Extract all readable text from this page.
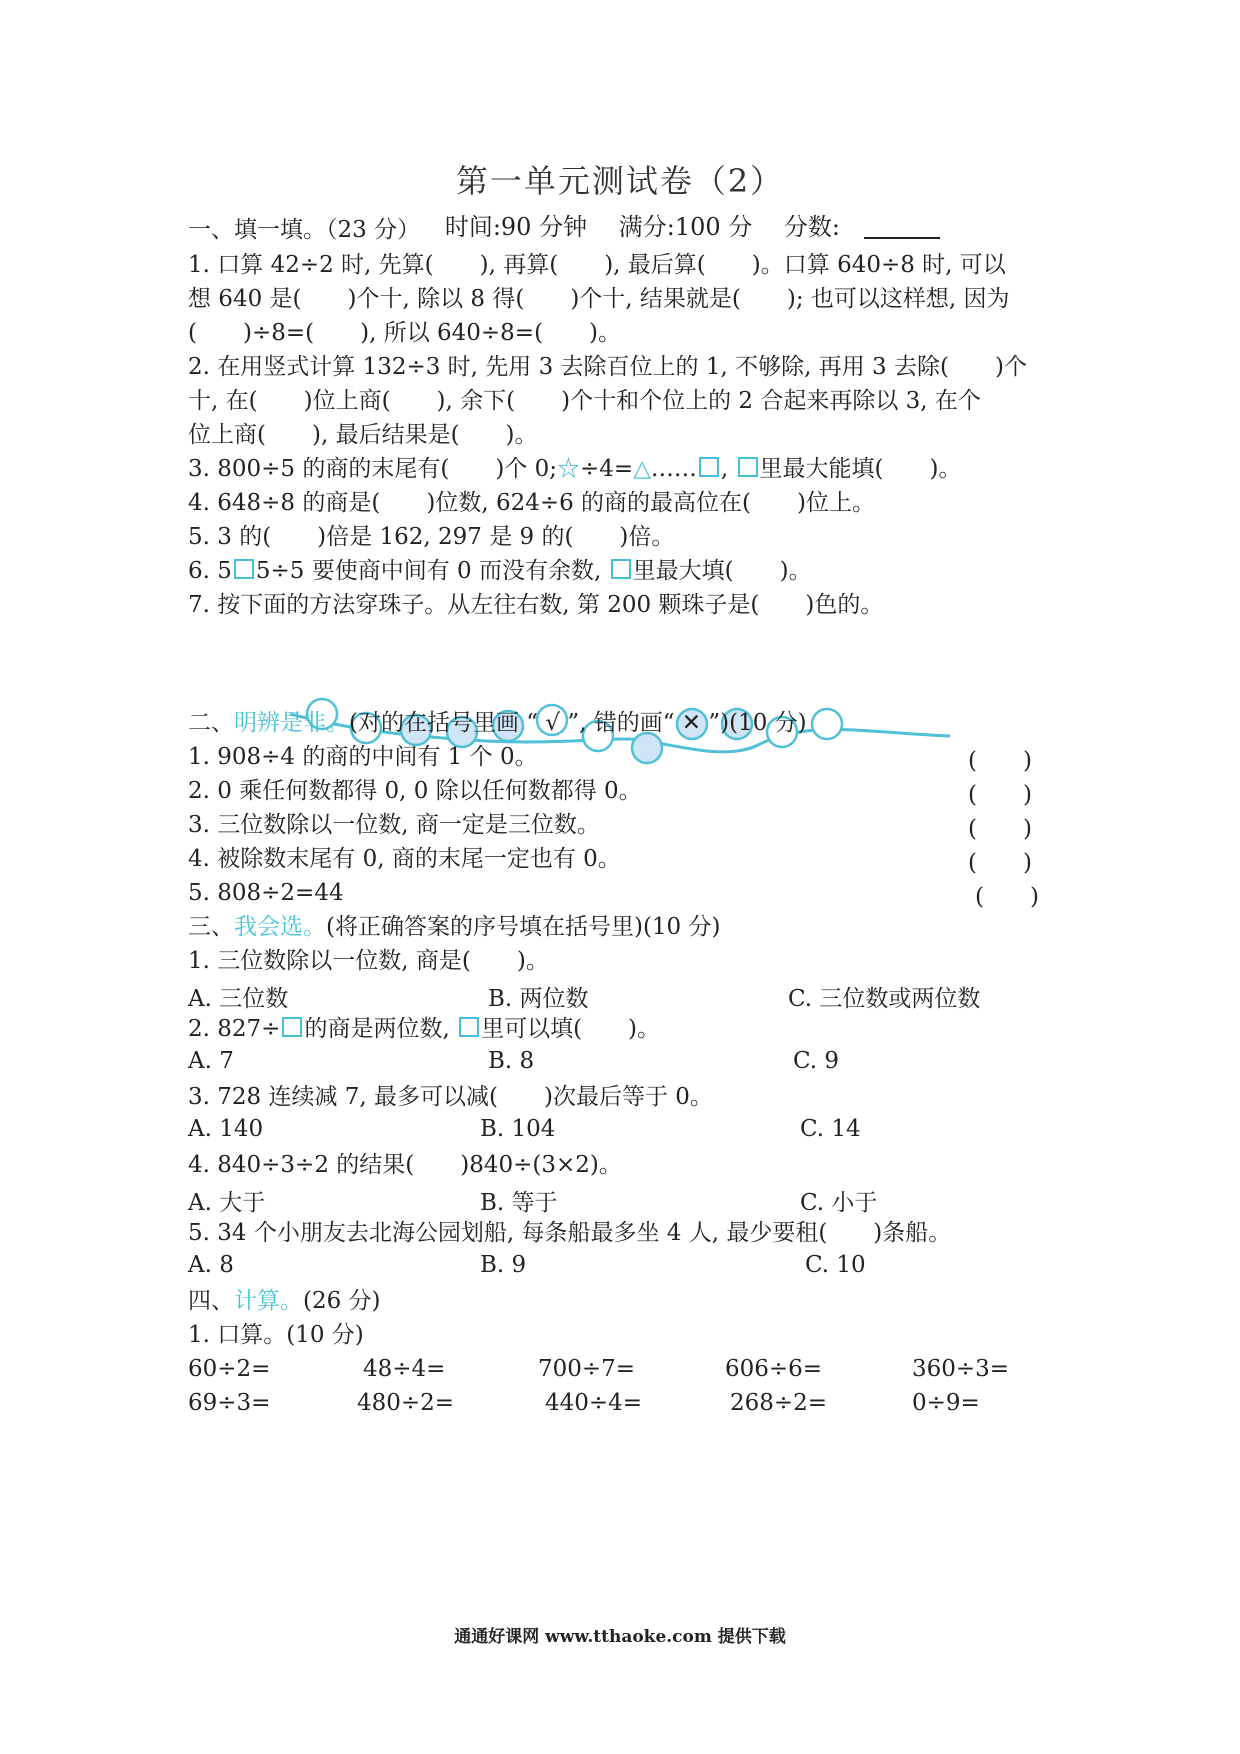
第一单元测试卷（2）
时间:90 分钟 满分:100 分 分数:
一、填一填。（23 分）
1. 口算 42÷2 时, 先算(　　), 再算(　　), 最后算(　　)。口算 640÷8 时, 可以
想 640 是(　　)个十, 除以 8 得(　　)个十, 结果就是(　　); 也可以这样想, 因为
(　　)÷8=(　　), 所以 640÷8=(　　)。
2. 在用竖式计算 132÷3 时, 先用 3 去除百位上的 1, 不够除, 再用 3 去除(　　)个
十, 在(　　)位上商(　　), 余下(　　)个十和个位上的 2 合起来再除以 3, 在个
位上商(　　), 最后结果是(　　)。
3. 800÷5 的商的末尾有(　　)个 0;☆÷4=△…… , 里最大能填(　　)。
4. 648÷8 的商是(　　)位数, 624÷6 的商的最高位在(　　)位上。
5. 3 的(　　)倍是 162, 297 是 9 的(　　)倍。
6. 5 5÷5 要使商中间有 0 而没有余数, 里最大填(　　)。
7. 按下面的方法穿珠子。从左往右数, 第 200 颗珠子是(　　)色的。
二、明辨是非。(对的在括号里画 “ √ ”, 错的画“ ✕ ”)(10 分)
1. 908÷4 的商的中间有 1 个 0。	(　　)
2. 0 乘任何数都得 0, 0 除以任何数都得 0。	(　　)
3. 三位数除以一位数, 商一定是三位数。	(　　)
4. 被除数末尾有 0, 商的末尾一定也有 0。	(　　)
5. 808÷2=44	(　　)
三、我会选。(将正确答案的序号填在括号里)(10 分)
1. 三位数除以一位数, 商是(　　)。
A. 三位数	B. 两位数	C. 三位数或两位数
2. 827÷ 的商是两位数, 里可以填(　　)。
A. 7	B. 8	C. 9
3. 728 连续减 7, 最多可以减(　　)次最后等于 0。
A. 140	B. 104	C. 14
4. 840÷3÷2 的结果(　　)840÷(3×2)。
A. 大于	B. 等于	C. 小于
5. 34 个小朋友去北海公园划船, 每条船最多坐 4 人, 最少要租(　　)条船。
A. 8	B. 9	C. 10
四、计算。(26 分)
1. 口算。(10 分)
60÷2=	48÷4=	700÷7=	606÷6=	360÷3=
69÷3=	480÷2=	440÷4=	268÷2=	0÷9=
通通好课网 www.tthaoke.com 提供下载
